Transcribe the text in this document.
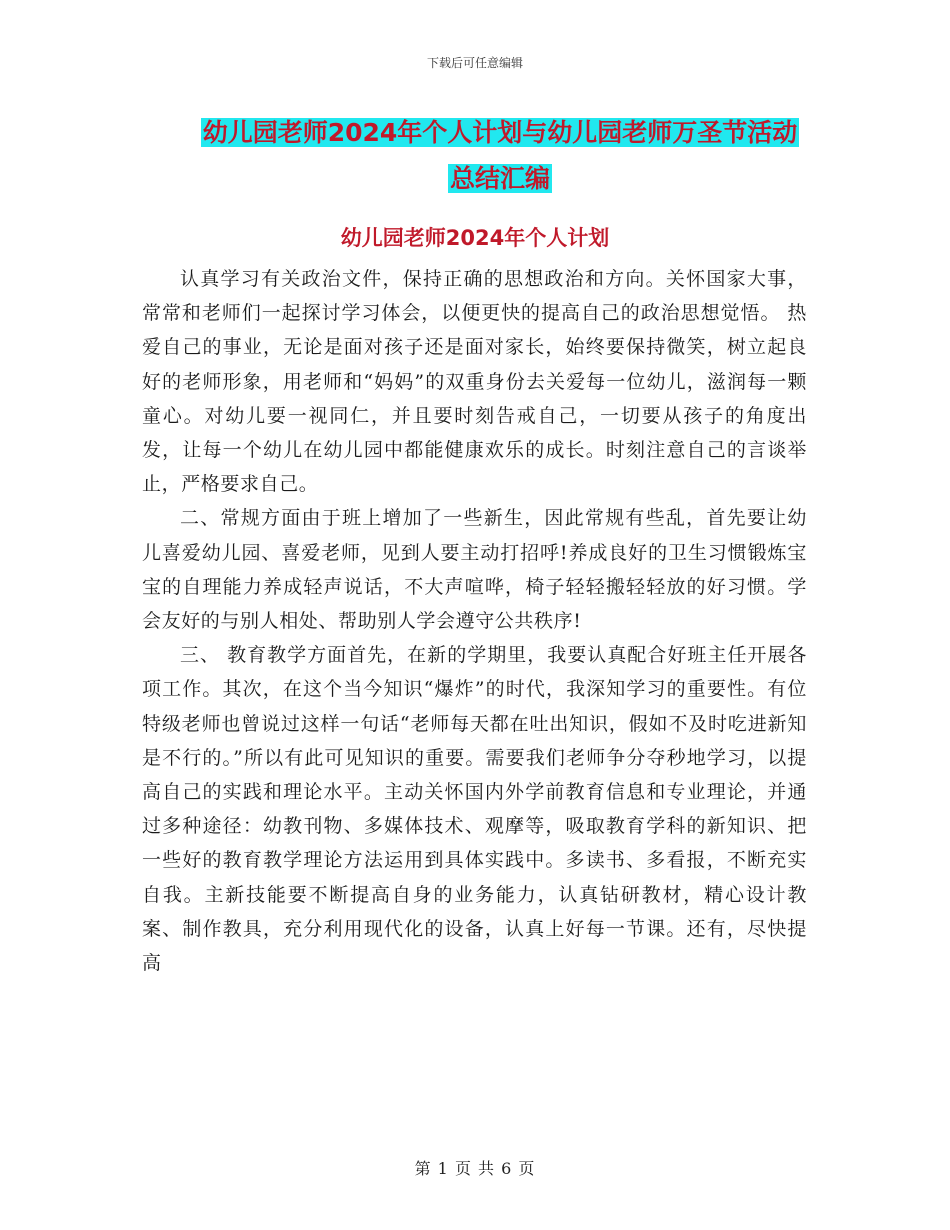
下载后可任意编辑
幼儿园老师2024年个人计划与幼儿园老师万圣节活动
总结汇编
幼儿园老师2024年个人计划

认真学习有关政治文件，保持正确的思想政治和方向。关怀国家大事，常常和老师们一起探讨学习体会，以便更快的提高自己的政治思想觉悟。 热爱自己的事业，无论是面对孩子还是面对家长，始终要保持微笑，树立起良好的老师形象，用老师和“妈妈”的双重身份去关爱每一位幼儿，滋润每一颗童心。对幼儿要一视同仁，并且要时刻告戒自己，一切要从孩子的角度出发，让每一个幼儿在幼儿园中都能健康欢乐的成长。时刻注意自己的言谈举止，严格要求自己。

二、常规方面由于班上增加了一些新生，因此常规有些乱，首先要让幼儿喜爱幼儿园、喜爱老师，见到人要主动打招呼!养成良好的卫生习惯锻炼宝宝的自理能力养成轻声说话，不大声喧哗，椅子轻轻搬轻轻放的好习惯。学会友好的与别人相处、帮助别人学会遵守公共秩序!

三、 教育教学方面首先，在新的学期里，我要认真配合好班主任开展各项工作。其次，在这个当今知识“爆炸”的时代，我深知学习的重要性。有位特级老师也曾说过这样一句话“老师每天都在吐出知识，假如不及时吃进新知是不行的。”所以有此可见知识的重要。需要我们老师争分夺秒地学习，以提高自己的实践和理论水平。主动关怀国内外学前教育信息和专业理论，并通过多种途径：幼教刊物、多媒体技术、观摩等，吸取教育学科的新知识、把一些好的教育教学理论方法运用到具体实践中。多读书、多看报，不断充实自我。主新技能要不断提高自身的业务能力，认真钻研教材，精心设计教案、制作教具，充分利用现代化的设备，认真上好每一节课。还有，尽快提高

第 1 页 共 6 页
